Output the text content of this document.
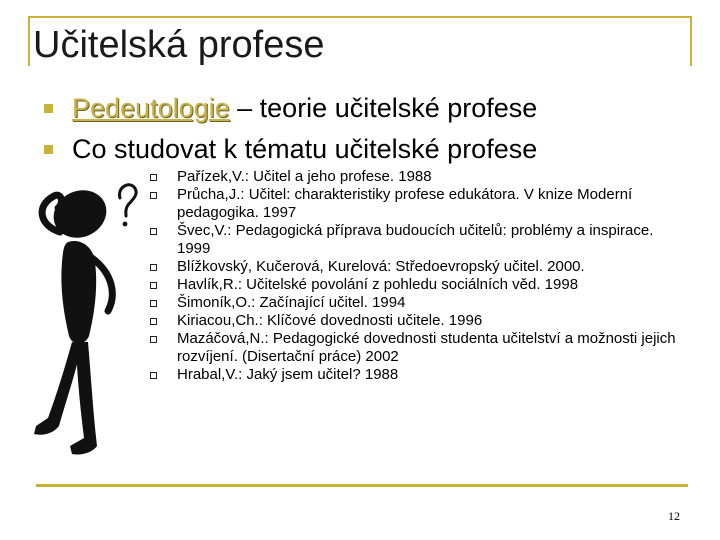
Učitelská profese
Pedeutologie – teorie učitelské profese
Co studovat k tématu učitelské profese
Pařízek,V.: Učitel a jeho profese. 1988
Průcha,J.: Učitel: charakteristiky profese edukátora. V knize Moderní pedagogika. 1997
Švec,V.: Pedagogická příprava budoucích učitelů: problémy a inspirace. 1999
Blížkovský, Kučerová, Kurelová: Středoevropský učitel. 2000.
Havlík,R.: Učitelské povolání z pohledu sociálních věd. 1998
Šimoník,O.: Začínající učitel. 1994
Kiriacou,Ch.: Klíčové dovednosti učitele. 1996
Mazáčová,N.: Pedagogické dovednosti studenta učitelství a možnosti jejich rozvíjení. (Disertační práce) 2002
Hrabal,V.: Jaký jsem učitel? 1988
12
